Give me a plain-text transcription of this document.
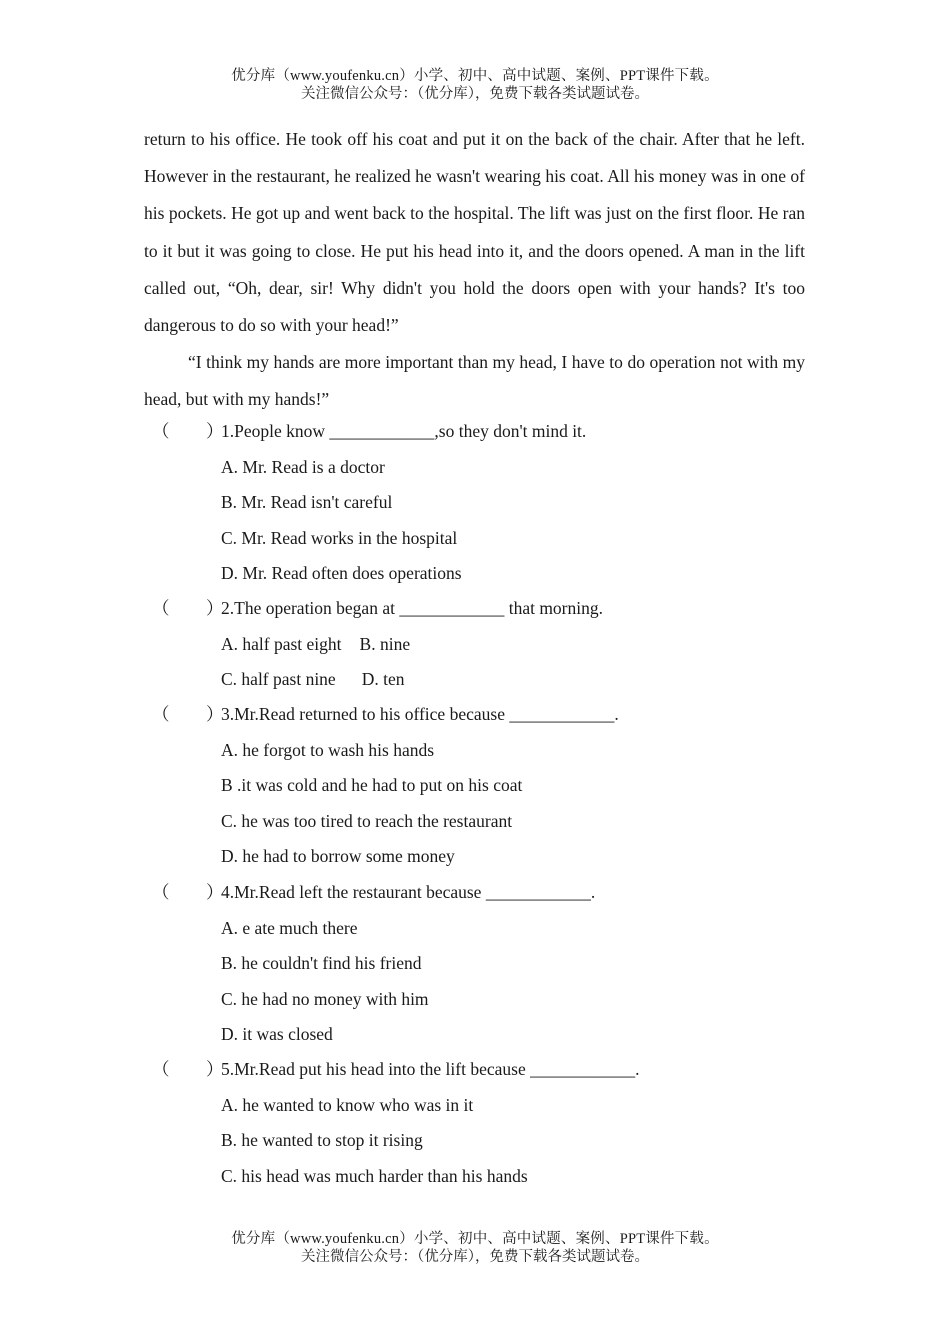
优分库（www.youfenku.cn）小学、初中、高中试题、案例、PPT课件下载。
关注微信公众号：（优分库），免费下载各类试题试卷。

return to his office. He took off his coat and put it on the back of the chair. After that he left. However in the restaurant, he realized he wasn't wearing his coat. All his money was in one of his pockets. He got up and went back to the hospital. The lift was just on the first floor. He ran to it but it was going to close. He put his head into it, and the doors opened. A man in the lift called out, “Oh, dear, sir! Why didn't you hold the doors open with your hands? It's too dangerous to do so with your head!”

“I think my hands are more important than my head, I have to do operation not with my head, but with my hands!”

（ ）
1.People know ____________,so they don't mind it.
A. Mr. Read is a doctor
B. Mr. Read isn't careful
C. Mr. Read works in the hospital
D. Mr. Read often does operations
（ ）
2.The operation began at ____________ that morning.
A. half past eight B. nine
C. half past nine D. ten
（ ）
3.Mr.Read returned to his office because ____________.
A. he forgot to wash his hands
B .it was cold and he had to put on his coat
C. he was too tired to reach the restaurant
D. he had to borrow some money
（ ）
4.Mr.Read left the restaurant because ____________.
A. e ate much there
B. he couldn't find his friend
C. he had no money with him
D. it was closed
（ ）
5.Mr.Read put his head into the lift because ____________.
A. he wanted to know who was in it
B. he wanted to stop it rising
C. his head was much harder than his hands
优分库（www.youfenku.cn）小学、初中、高中试题、案例、PPT课件下载。
关注微信公众号：（优分库），免费下载各类试题试卷。
